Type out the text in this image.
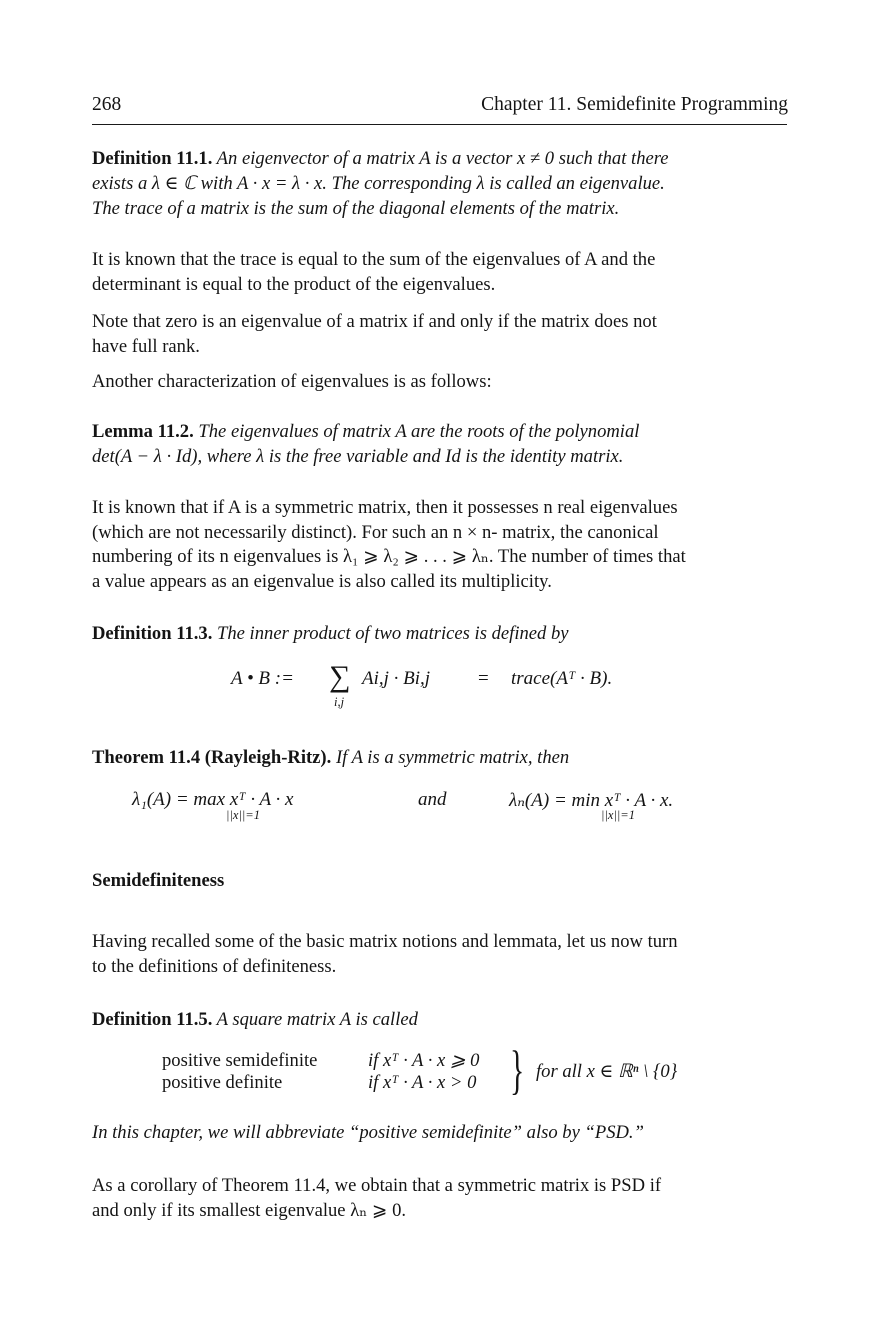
268	Chapter 11. Semidefinite Programming
Definition 11.1. An eigenvector of a matrix A is a vector x ≠ 0 such that there
exists a λ ∈ ℂ with A · x = λ · x. The corresponding λ is called an eigenvalue.
The trace of a matrix is the sum of the diagonal elements of the matrix.
It is known that the trace is equal to the sum of the eigenvalues of A and the
determinant is equal to the product of the eigenvalues.
Note that zero is an eigenvalue of a matrix if and only if the matrix does not
have full rank.
Another characterization of eigenvalues is as follows:
Lemma 11.2. The eigenvalues of matrix A are the roots of the polynomial
det(A − λ · Id), where λ is the free variable and Id is the identity matrix.
It is known that if A is a symmetric matrix, then it possesses n real eigenvalues
(which are not necessarily distinct). For such an n × n- matrix, the canonical
numbering of its n eigenvalues is λ₁ ⩾ λ₂ ⩾ . . . ⩾ λₙ. The number of times that
a value appears as an eigenvalue is also called its multiplicity.
Definition 11.3. The inner product of two matrices is defined by
A • B := ∑ Ai,j · Bi,j
i,j
= trace(Aᵀ · B).
Theorem 11.4 (Rayleigh-Ritz). If A is a symmetric matrix, then
λ₁(A) = max xᵀ · A · x
||x||=1
and	λₙ(A) = min xᵀ · A · x.
||x||=1
Semidefiniteness
Having recalled some of the basic matrix notions and lemmata, let us now turn
to the definitions of definiteness.
Definition 11.5. A square matrix A is called
positive semidefinite	if xᵀ · A · x ⩾ 0
positive definite	if xᵀ · A · x > 0 } for all x ∈ ℝⁿ \ {0}
In this chapter, we will abbreviate “positive semidefinite” also by “PSD.”
As a corollary of Theorem 11.4, we obtain that a symmetric matrix is PSD if
and only if its smallest eigenvalue λₙ ⩾ 0.
